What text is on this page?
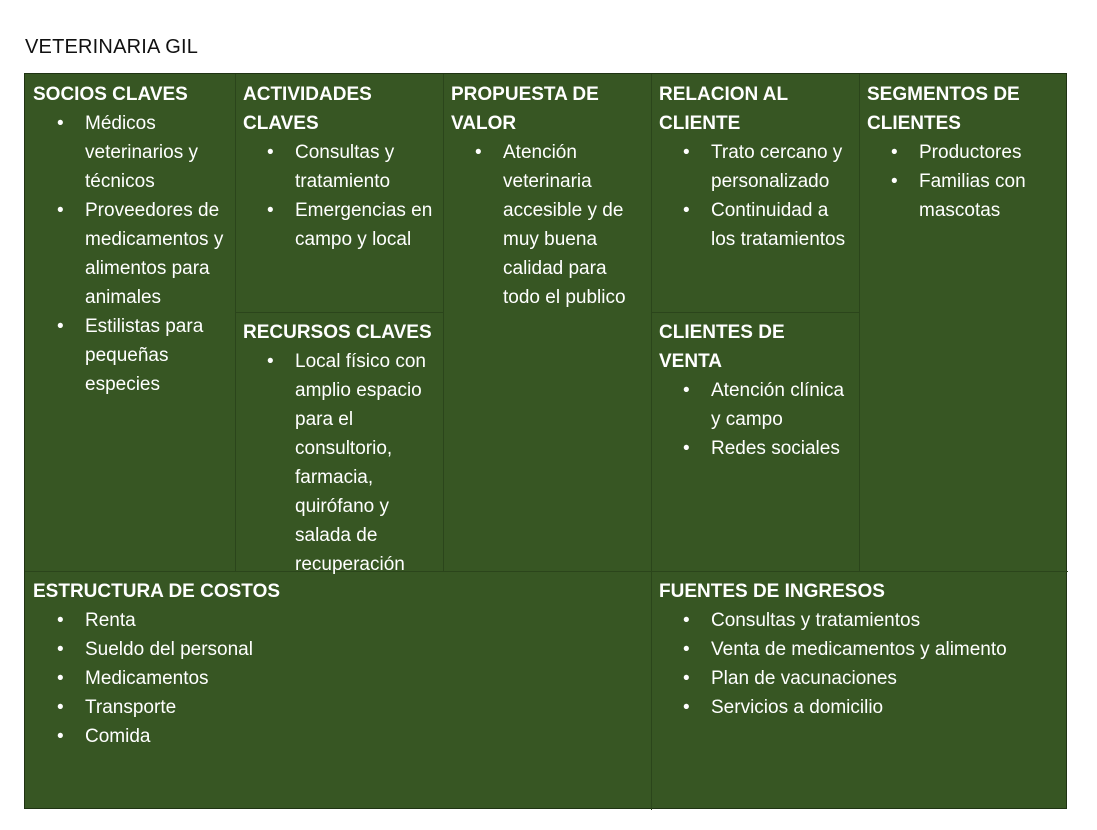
VETERINARIA GIL
SOCIOS CLAVES
• Médicos veterinarios y técnicos
• Proveedores de medicamentos y alimentos para animales
• Estilistas para pequeñas especies
ACTIVIDADES CLAVES
• Consultas y tratamiento
• Emergencias en campo y local
RECURSOS CLAVES
• Local físico con amplio espacio para el consultorio, farmacia, quirófano y salada de recuperación
PROPUESTA DE VALOR
• Atención veterinaria accesible y de muy buena calidad para todo el publico
RELACION AL CLIENTE
• Trato cercano y personalizado
• Continuidad a los tratamientos
CLIENTES DE VENTA
• Atención clínica y campo
• Redes sociales
SEGMENTOS DE CLIENTES
• Productores
• Familias con mascotas
ESTRUCTURA DE COSTOS
• Renta
• Sueldo del personal
• Medicamentos
• Transporte
• Comida
FUENTES DE INGRESOS
• Consultas y tratamientos
• Venta de medicamentos y alimento
• Plan de vacunaciones
• Servicios a domicilio
